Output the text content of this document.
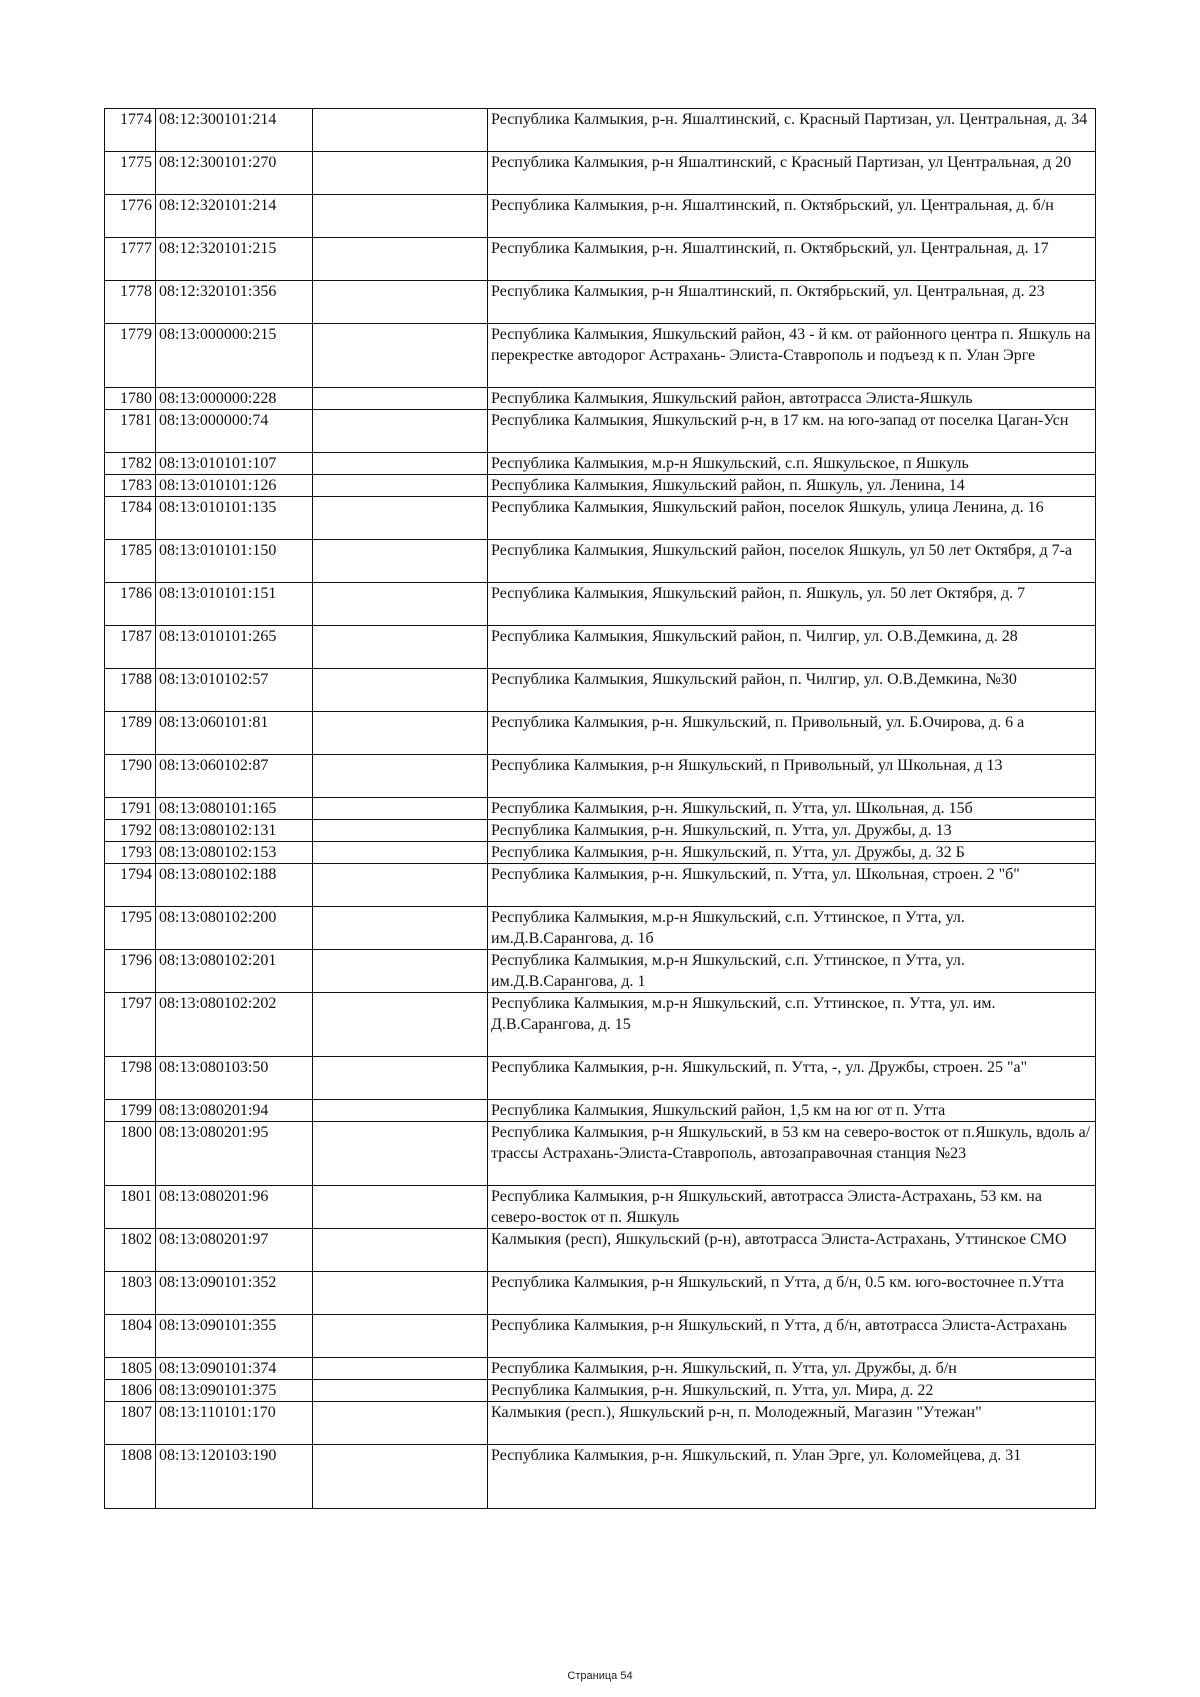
1774	08:12:300101:214		Республика Калмыкия, р-н. Яшалтинский, с. Красный Партизан, ул. Центральная, д. 34
1775	08:12:300101:270		Республика Калмыкия, р-н Яшалтинский, с Красный Партизан, ул Центральная, д 20
1776	08:12:320101:214		Республика Калмыкия, р-н. Яшалтинский, п. Октябрьский, ул. Центральная, д. б/н
1777	08:12:320101:215		Республика Калмыкия, р-н. Яшалтинский, п. Октябрьский, ул. Центральная, д. 17
1778	08:12:320101:356		Республика Калмыкия, р-н Яшалтинский, п. Октябрьский, ул. Центральная, д. 23
1779	08:13:000000:215		Республика Калмыкия, Яшкульский район, 43 - й км. от районного центра п. Яшкуль на перекрестке автодорог Астрахань- Элиста-Ставрополь и подъезд к п. Улан Эрге
1780	08:13:000000:228		Республика Калмыкия, Яшкульский район, автотрасса Элиста-Яшкуль
1781	08:13:000000:74		Республика Калмыкия, Яшкульский р-н, в 17 км. на юго-запад от поселка Цаган-Усн
1782	08:13:010101:107		Республика Калмыкия, м.р-н Яшкульский, с.п. Яшкульское, п Яшкуль
1783	08:13:010101:126		Республика Калмыкия, Яшкульский район, п. Яшкуль, ул. Ленина, 14
1784	08:13:010101:135		Республика Калмыкия, Яшкульский район, поселок Яшкуль, улица Ленина, д. 16
1785	08:13:010101:150		Республика Калмыкия, Яшкульский район, поселок Яшкуль, ул 50 лет Октября, д 7-а
1786	08:13:010101:151		Республика Калмыкия, Яшкульский район, п. Яшкуль, ул. 50 лет Октября, д. 7
1787	08:13:010101:265		Республика Калмыкия, Яшкульский район, п. Чилгир, ул. О.В.Демкина, д. 28
1788	08:13:010102:57		Республика Калмыкия, Яшкульский район, п. Чилгир, ул. О.В.Демкина, №30
1789	08:13:060101:81		Республика Калмыкия, р-н. Яшкульский, п. Привольный, ул. Б.Очирова, д. 6 а
1790	08:13:060102:87		Республика Калмыкия, р-н Яшкульский, п Привольный, ул Школьная, д 13
1791	08:13:080101:165		Республика Калмыкия, р-н. Яшкульский, п. Утта, ул. Школьная, д. 15б
1792	08:13:080102:131		Республика Калмыкия, р-н. Яшкульский, п. Утта, ул. Дружбы, д. 13
1793	08:13:080102:153		Республика Калмыкия, р-н. Яшкульский, п. Утта, ул. Дружбы, д. 32 Б
1794	08:13:080102:188		Республика Калмыкия, р-н. Яшкульский, п. Утта, ул. Школьная, строен. 2 "б"
1795	08:13:080102:200		Республика Калмыкия, м.р-н Яшкульский, с.п. Уттинское, п Утта, ул. им.Д.В.Сарангова, д. 1б
1796	08:13:080102:201		Республика Калмыкия, м.р-н Яшкульский, с.п. Уттинское, п Утта, ул. им.Д.В.Сарангова, д. 1
1797	08:13:080102:202		Республика Калмыкия, м.р-н Яшкульский, с.п. Уттинское, п. Утта, ул. им. Д.В.Сарангова, д. 15
1798	08:13:080103:50		Республика Калмыкия, р-н. Яшкульский, п. Утта, -, ул. Дружбы, строен. 25 "а"
1799	08:13:080201:94		Республика Калмыкия, Яшкульский район, 1,5 км на юг от п. Утта
1800	08:13:080201:95		Республика Калмыкия, р-н Яшкульский, в 53 км на северо-восток от п.Яшкуль, вдоль а/трассы Астрахань-Элиста-Ставрополь, автозаправочная станция №23
1801	08:13:080201:96		Республика Калмыкия, р-н Яшкульский, автотрасса Элиста-Астрахань, 53 км. на северо-восток от п. Яшкуль
1802	08:13:080201:97		Калмыкия (респ), Яшкульский (р-н), автотрасса Элиста-Астрахань, Уттинское СМО
1803	08:13:090101:352		Республика Калмыкия, р-н Яшкульский, п Утта, д б/н, 0.5 км. юго-восточнее п.Утта
1804	08:13:090101:355		Республика Калмыкия, р-н Яшкульский, п Утта, д б/н, автотрасса Элиста-Астрахань
1805	08:13:090101:374		Республика Калмыкия, р-н. Яшкульский, п. Утта, ул. Дружбы, д. б/н
1806	08:13:090101:375		Республика Калмыкия, р-н. Яшкульский, п. Утта, ул. Мира, д. 22
1807	08:13:110101:170		Калмыкия (респ.), Яшкульский р-н, п. Молодежный, Магазин "Утежан"
1808	08:13:120103:190		Республика Калмыкия, р-н. Яшкульский, п. Улан Эрге, ул. Коломейцева, д. 31
Страница 54
